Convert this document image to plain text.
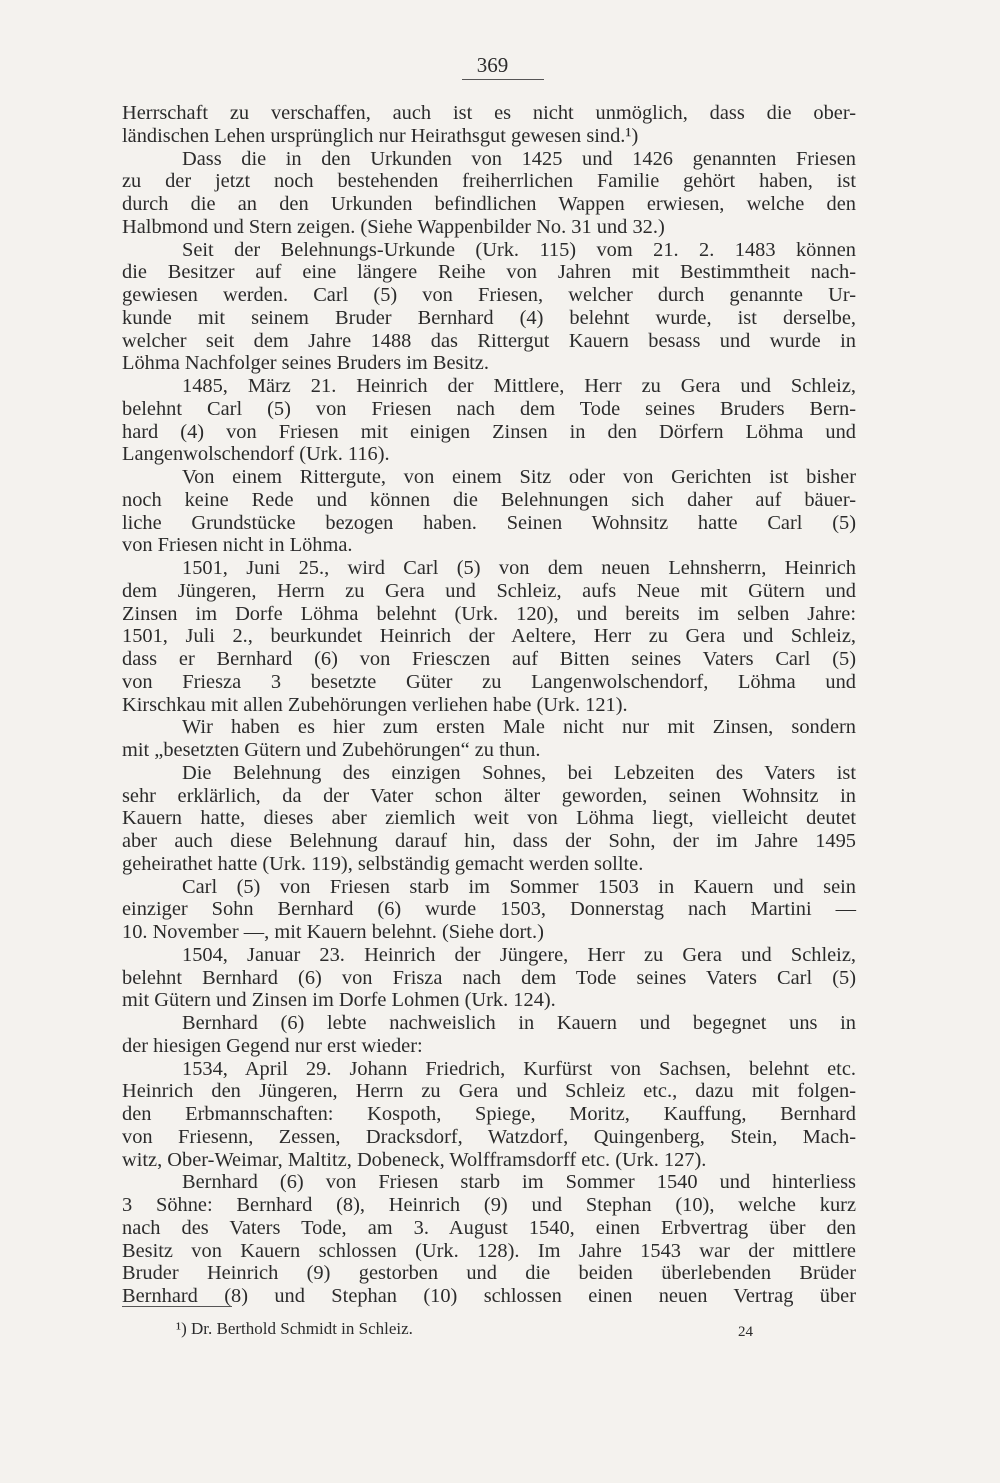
369
Herrschaft zu verschaffen, auch ist es nicht unmöglich, dass die ober-
ländischen Lehen ursprünglich nur Heirathsgut gewesen sind.¹)
Dass die in den Urkunden von 1425 und 1426 genannten Friesen
zu der jetzt noch bestehenden freiherrlichen Familie gehört haben, ist
durch die an den Urkunden befindlichen Wappen erwiesen, welche den
Halbmond und Stern zeigen. (Siehe Wappenbilder No. 31 und 32.)
Seit der Belehnungs-Urkunde (Urk. 115) vom 21. 2. 1483 können
die Besitzer auf eine längere Reihe von Jahren mit Bestimmtheit nach-
gewiesen werden. Carl (5) von Friesen, welcher durch genannte Ur-
kunde mit seinem Bruder Bernhard (4) belehnt wurde, ist derselbe,
welcher seit dem Jahre 1488 das Rittergut Kauern besass und wurde in
Löhma Nachfolger seines Bruders im Besitz.
1485, März 21. Heinrich der Mittlere, Herr zu Gera und Schleiz,
belehnt Carl (5) von Friesen nach dem Tode seines Bruders Bern-
hard (4) von Friesen mit einigen Zinsen in den Dörfern Löhma und
Langenwolschendorf (Urk. 116).
Von einem Rittergute, von einem Sitz oder von Gerichten ist bisher
noch keine Rede und können die Belehnungen sich daher auf bäuer-
liche Grundstücke bezogen haben. Seinen Wohnsitz hatte Carl (5)
von Friesen nicht in Löhma.
1501, Juni 25., wird Carl (5) von dem neuen Lehnsherrn, Heinrich
dem Jüngeren, Herrn zu Gera und Schleiz, aufs Neue mit Gütern und
Zinsen im Dorfe Löhma belehnt (Urk. 120), und bereits im selben Jahre:
1501, Juli 2., beurkundet Heinrich der Aeltere, Herr zu Gera und Schleiz,
dass er Bernhard (6) von Friesczen auf Bitten seines Vaters Carl (5)
von Friesza 3 besetzte Güter zu Langenwolschendorf, Löhma und
Kirschkau mit allen Zubehörungen verliehen habe (Urk. 121).
Wir haben es hier zum ersten Male nicht nur mit Zinsen, sondern
mit „besetzten Gütern und Zubehörungen“ zu thun.
Die Belehnung des einzigen Sohnes, bei Lebzeiten des Vaters ist
sehr erklärlich, da der Vater schon älter geworden, seinen Wohnsitz in
Kauern hatte, dieses aber ziemlich weit von Löhma liegt, vielleicht deutet
aber auch diese Belehnung darauf hin, dass der Sohn, der im Jahre 1495
geheirathet hatte (Urk. 119), selbständig gemacht werden sollte.
Carl (5) von Friesen starb im Sommer 1503 in Kauern und sein
einziger Sohn Bernhard (6) wurde 1503, Donnerstag nach Martini —
10. November —, mit Kauern belehnt. (Siehe dort.)
1504, Januar 23. Heinrich der Jüngere, Herr zu Gera und Schleiz,
belehnt Bernhard (6) von Frisza nach dem Tode seines Vaters Carl (5)
mit Gütern und Zinsen im Dorfe Lohmen (Urk. 124).
Bernhard (6) lebte nachweislich in Kauern und begegnet uns in
der hiesigen Gegend nur erst wieder:
1534, April 29. Johann Friedrich, Kurfürst von Sachsen, belehnt etc.
Heinrich den Jüngeren, Herrn zu Gera und Schleiz etc., dazu mit folgen-
den Erbmannschaften: Kospoth, Spiege, Moritz, Kauffung, Bernhard
von Friesenn, Zessen, Dracksdorf, Watzdorf, Quingenberg, Stein, Mach-
witz, Ober-Weimar, Maltitz, Dobeneck, Wolfframsdorff etc. (Urk. 127).
Bernhard (6) von Friesen starb im Sommer 1540 und hinterliess
3 Söhne: Bernhard (8), Heinrich (9) und Stephan (10), welche kurz
nach des Vaters Tode, am 3. August 1540, einen Erbvertrag über den
Besitz von Kauern schlossen (Urk. 128). Im Jahre 1543 war der mittlere
Bruder Heinrich (9) gestorben und die beiden überlebenden Brüder
Bernhard (8) und Stephan (10) schlossen einen neuen Vertrag über
¹) Dr. Berthold Schmidt in Schleiz.	24
